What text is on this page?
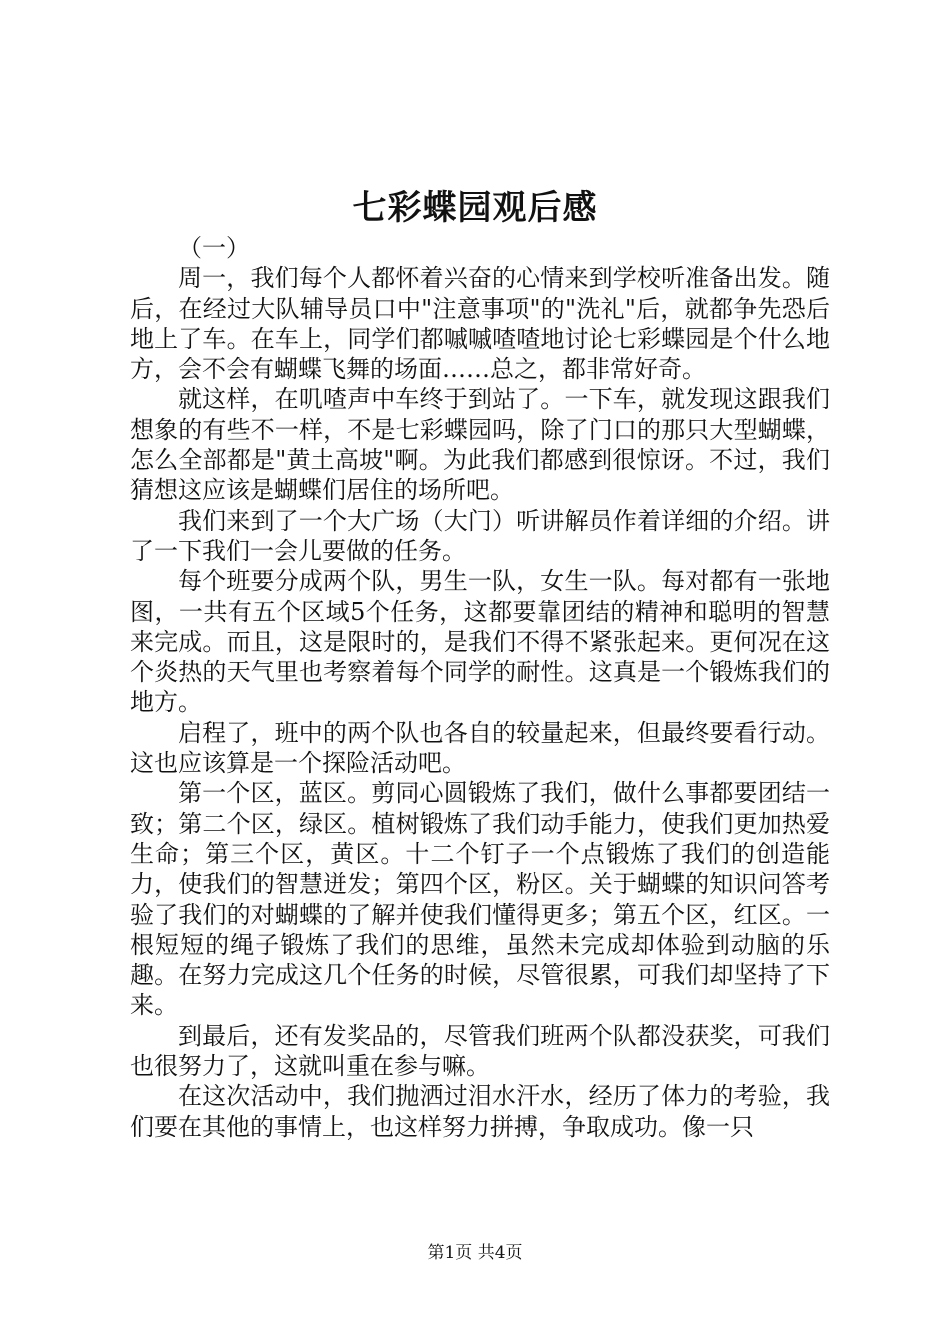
七彩蝶园观后感

（一）

周一，我们每个人都怀着兴奋的心情来到学校听准备出发。随后，在经过大队辅导员口中"注意事项"的"洗礼"后，就都争先恐后地上了车。在车上，同学们都嘁嘁喳喳地讨论七彩蝶园是个什么地方，会不会有蝴蝶飞舞的场面……总之，都非常好奇。

就这样，在叽喳声中车终于到站了。一下车，就发现这跟我们想象的有些不一样，不是七彩蝶园吗，除了门口的那只大型蝴蝶，怎么全部都是"黄土高坡"啊。为此我们都感到很惊讶。不过，我们猜想这应该是蝴蝶们居住的场所吧。

我们来到了一个大广场（大门）听讲解员作着详细的介绍。讲了一下我们一会儿要做的任务。

每个班要分成两个队，男生一队，女生一队。每对都有一张地图，一共有五个区域5个任务，这都要靠团结的精神和聪明的智慧来完成。而且，这是限时的，是我们不得不紧张起来。更何况在这个炎热的天气里也考察着每个同学的耐性。这真是一个锻炼我们的地方。

启程了，班中的两个队也各自的较量起来，但最终要看行动。这也应该算是一个探险活动吧。

第一个区，蓝区。剪同心圆锻炼了我们，做什么事都要团结一致；第二个区，绿区。植树锻炼了我们动手能力，使我们更加热爱生命；第三个区，黄区。十二个钉子一个点锻炼了我们的创造能力，使我们的智慧迸发；第四个区，粉区。关于蝴蝶的知识问答考验了我们的对蝴蝶的了解并使我们懂得更多；第五个区，红区。一根短短的绳子锻炼了我们的思维，虽然未完成却体验到动脑的乐趣。在努力完成这几个任务的时候，尽管很累，可我们却坚持了下来。

到最后，还有发奖品的，尽管我们班两个队都没获奖，可我们也很努力了，这就叫重在参与嘛。

在这次活动中，我们抛洒过泪水汗水，经历了体力的考验，我们要在其他的事情上，也这样努力拼搏，争取成功。像一只

第1页 共4页
